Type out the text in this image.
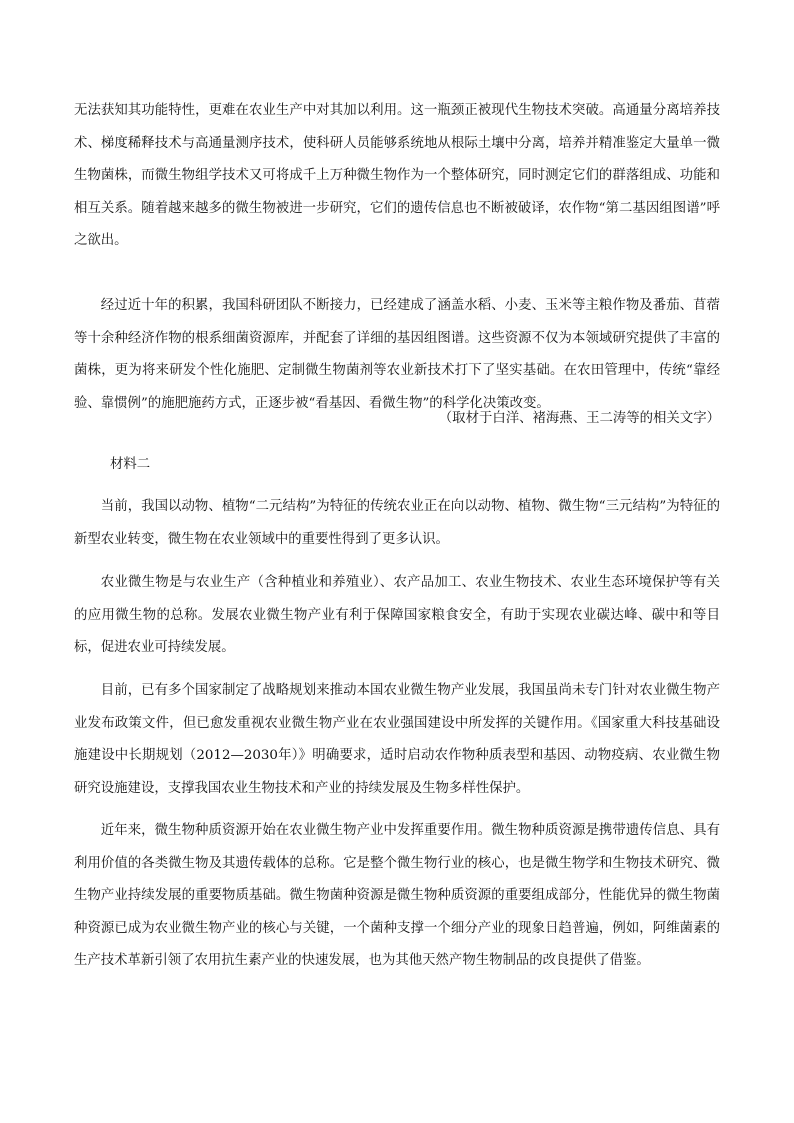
无法获知其功能特性，更难在农业生产中对其加以利用。这一瓶颈正被现代生物技术突破。高通量分离培养技术、梯度稀释技术与高通量测序技术，使科研人员能够系统地从根际土壤中分离，培养并精准鉴定大量单一微生物菌株，而微生物组学技术又可将成千上万种微生物作为一个整体研究，同时测定它们的群落组成、功能和相互关系。随着越来越多的微生物被进一步研究，它们的遗传信息也不断被破译，农作物“第二基因组图谱”呼之欲出。

经过近十年的积累，我国科研团队不断接力，已经建成了涵盖水稻、小麦、玉米等主粮作物及番茄、苜蓿等十余种经济作物的根系细菌资源库，并配套了详细的基因组图谱。这些资源不仅为本领域研究提供了丰富的菌株，更为将来研发个性化施肥、定制微生物菌剂等农业新技术打下了坚实基础。在农田管理中，传统“靠经验、靠惯例”的施肥施药方式，正逐步被“看基因、看微生物”的科学化决策改变。

（取材于白洋、褚海燕、王二涛等的相关文字）

材料二

当前，我国以动物、植物“二元结构”为特征的传统农业正在向以动物、植物、微生物“三元结构”为特征的新型农业转变，微生物在农业领域中的重要性得到了更多认识。

农业微生物是与农业生产（含种植业和养殖业）、农产品加工、农业生物技术、农业生态环境保护等有关的应用微生物的总称。发展农业微生物产业有利于保障国家粮食安全，有助于实现农业碳达峰、碳中和等目标，促进农业可持续发展。

目前，已有多个国家制定了战略规划来推动本国农业微生物产业发展，我国虽尚未专门针对农业微生物产业发布政策文件，但已愈发重视农业微生物产业在农业强国建设中所发挥的关键作用。《国家重大科技基础设施建设中长期规划（2012—2030年）》明确要求，适时启动农作物种质表型和基因、动物疫病、农业微生物研究设施建设，支撑我国农业生物技术和产业的持续发展及生物多样性保护。

近年来，微生物种质资源开始在农业微生物产业中发挥重要作用。微生物种质资源是携带遗传信息、具有利用价值的各类微生物及其遗传载体的总称。它是整个微生物行业的核心，也是微生物学和生物技术研究、微生物产业持续发展的重要物质基础。微生物菌种资源是微生物种质资源的重要组成部分，性能优异的微生物菌种资源已成为农业微生物产业的核心与关键，一个菌种支撑一个细分产业的现象日趋普遍，例如，阿维菌素的生产技术革新引领了农用抗生素产业的快速发展，也为其他天然产物生物制品的改良提供了借鉴。
